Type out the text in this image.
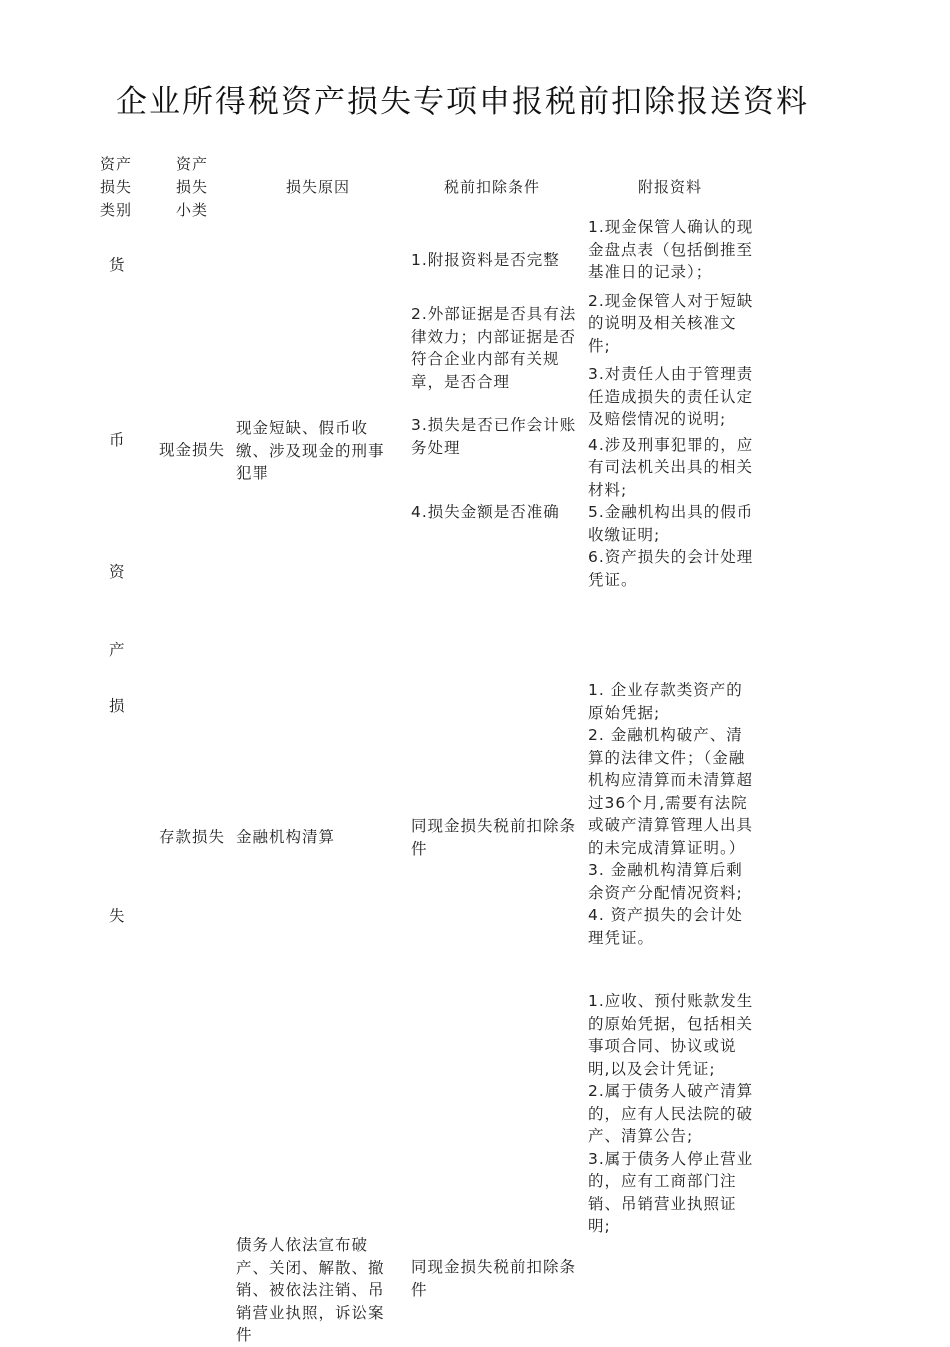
企业所得税资产损失专项申报税前扣除报送资料
资产
损失
类别
资产
损失
小类
损失原因	税前扣除条件	附报资料
货
币
资
产
损
失
现金损失
现金短缺、假币收缴、涉及现金的刑事犯罪
1.附报资料是否完整
2.外部证据是否具有法律效力；内部证据是否符合企业内部有关规章，是否合理
3.损失是否已作会计账务处理
4.损失金额是否准确
1.现金保管人确认的现金盘点表（包括倒推至基准日的记录）；
2.现金保管人对于短缺的说明及相关核准文件;
3.对责任人由于管理责任造成损失的责任认定及赔偿情况的说明;
4.涉及刑事犯罪的，应有司法机关出具的相关材料;
5.金融机构出具的假币收缴证明;
6.资产损失的会计处理凭证。
存款损失 金融机构清算
同现金损失税前扣除条件
1. 企业存款类资产的原始凭据;
2. 金融机构破产、清算的法律文件；（金融机构应清算而未清算超过36个月,需要有法院或破产清算管理人出具的未完成清算证明。）
3. 金融机构清算后剩余资产分配情况资料;
4. 资产损失的会计处理凭证。
债务人依法宣布破产、关闭、解散、撤销、被依法注销、吊销营业执照，诉讼案件
同现金损失税前扣除条件
1.应收、预付账款发生的原始凭据，包括相关事项合同、协议或说明,以及会计凭证;
2.属于债务人破产清算的，应有人民法院的破产、清算公告;
3.属于债务人停止营业的，应有工商部门注销、吊销营业执照证明;
